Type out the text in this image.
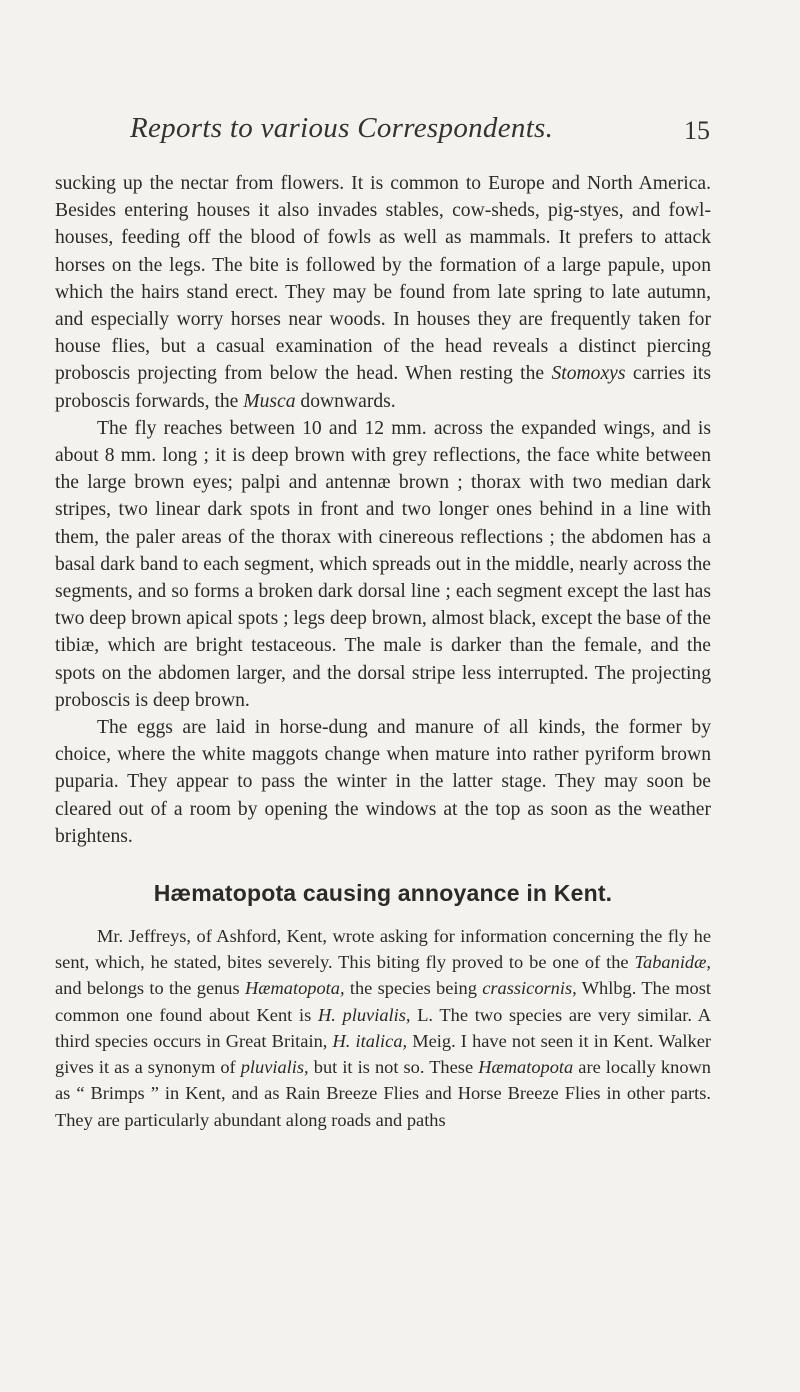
Reports to various Correspondents.	15

sucking up the nectar from flowers. It is common to Europe and North America. Besides entering houses it also invades stables, cow-sheds, pig-styes, and fowl-houses, feeding off the blood of fowls as well as mammals. It prefers to attack horses on the legs. The bite is followed by the formation of a large papule, upon which the hairs stand erect. They may be found from late spring to late autumn, and especially worry horses near woods. In houses they are frequently taken for house flies, but a casual examination of the head reveals a distinct piercing proboscis projecting from below the head. When resting the Stomoxys carries its proboscis forwards, the Musca downwards.

The fly reaches between 10 and 12 mm. across the expanded wings, and is about 8 mm. long ; it is deep brown with grey reflections, the face white between the large brown eyes; palpi and antennæ brown ; thorax with two median dark stripes, two linear dark spots in front and two longer ones behind in a line with them, the paler areas of the thorax with cinereous reflections ; the abdomen has a basal dark band to each segment, which spreads out in the middle, nearly across the segments, and so forms a broken dark dorsal line ; each segment except the last has two deep brown apical spots ; legs deep brown, almost black, except the base of the tibiæ, which are bright testaceous. The male is darker than the female, and the spots on the abdomen larger, and the dorsal stripe less interrupted. The projecting proboscis is deep brown.

The eggs are laid in horse-dung and manure of all kinds, the former by choice, where the white maggots change when mature into rather pyriform brown puparia. They appear to pass the winter in the latter stage. They may soon be cleared out of a room by opening the windows at the top as soon as the weather brightens.

Hæmatopota causing annoyance in Kent.

Mr. Jeffreys, of Ashford, Kent, wrote asking for information concerning the fly he sent, which, he stated, bites severely. This biting fly proved to be one of the Tabanidæ, and belongs to the genus Hæmatopota, the species being crassicornis, Whlbg. The most common one found about Kent is H. pluvialis, L. The two species are very similar. A third species occurs in Great Britain, H. italica, Meig. I have not seen it in Kent. Walker gives it as a synonym of pluvialis, but it is not so. These Hæmatopota are locally known as “ Brimps ” in Kent, and as Rain Breeze Flies and Horse Breeze Flies in other parts. They are particularly abundant along roads and paths
